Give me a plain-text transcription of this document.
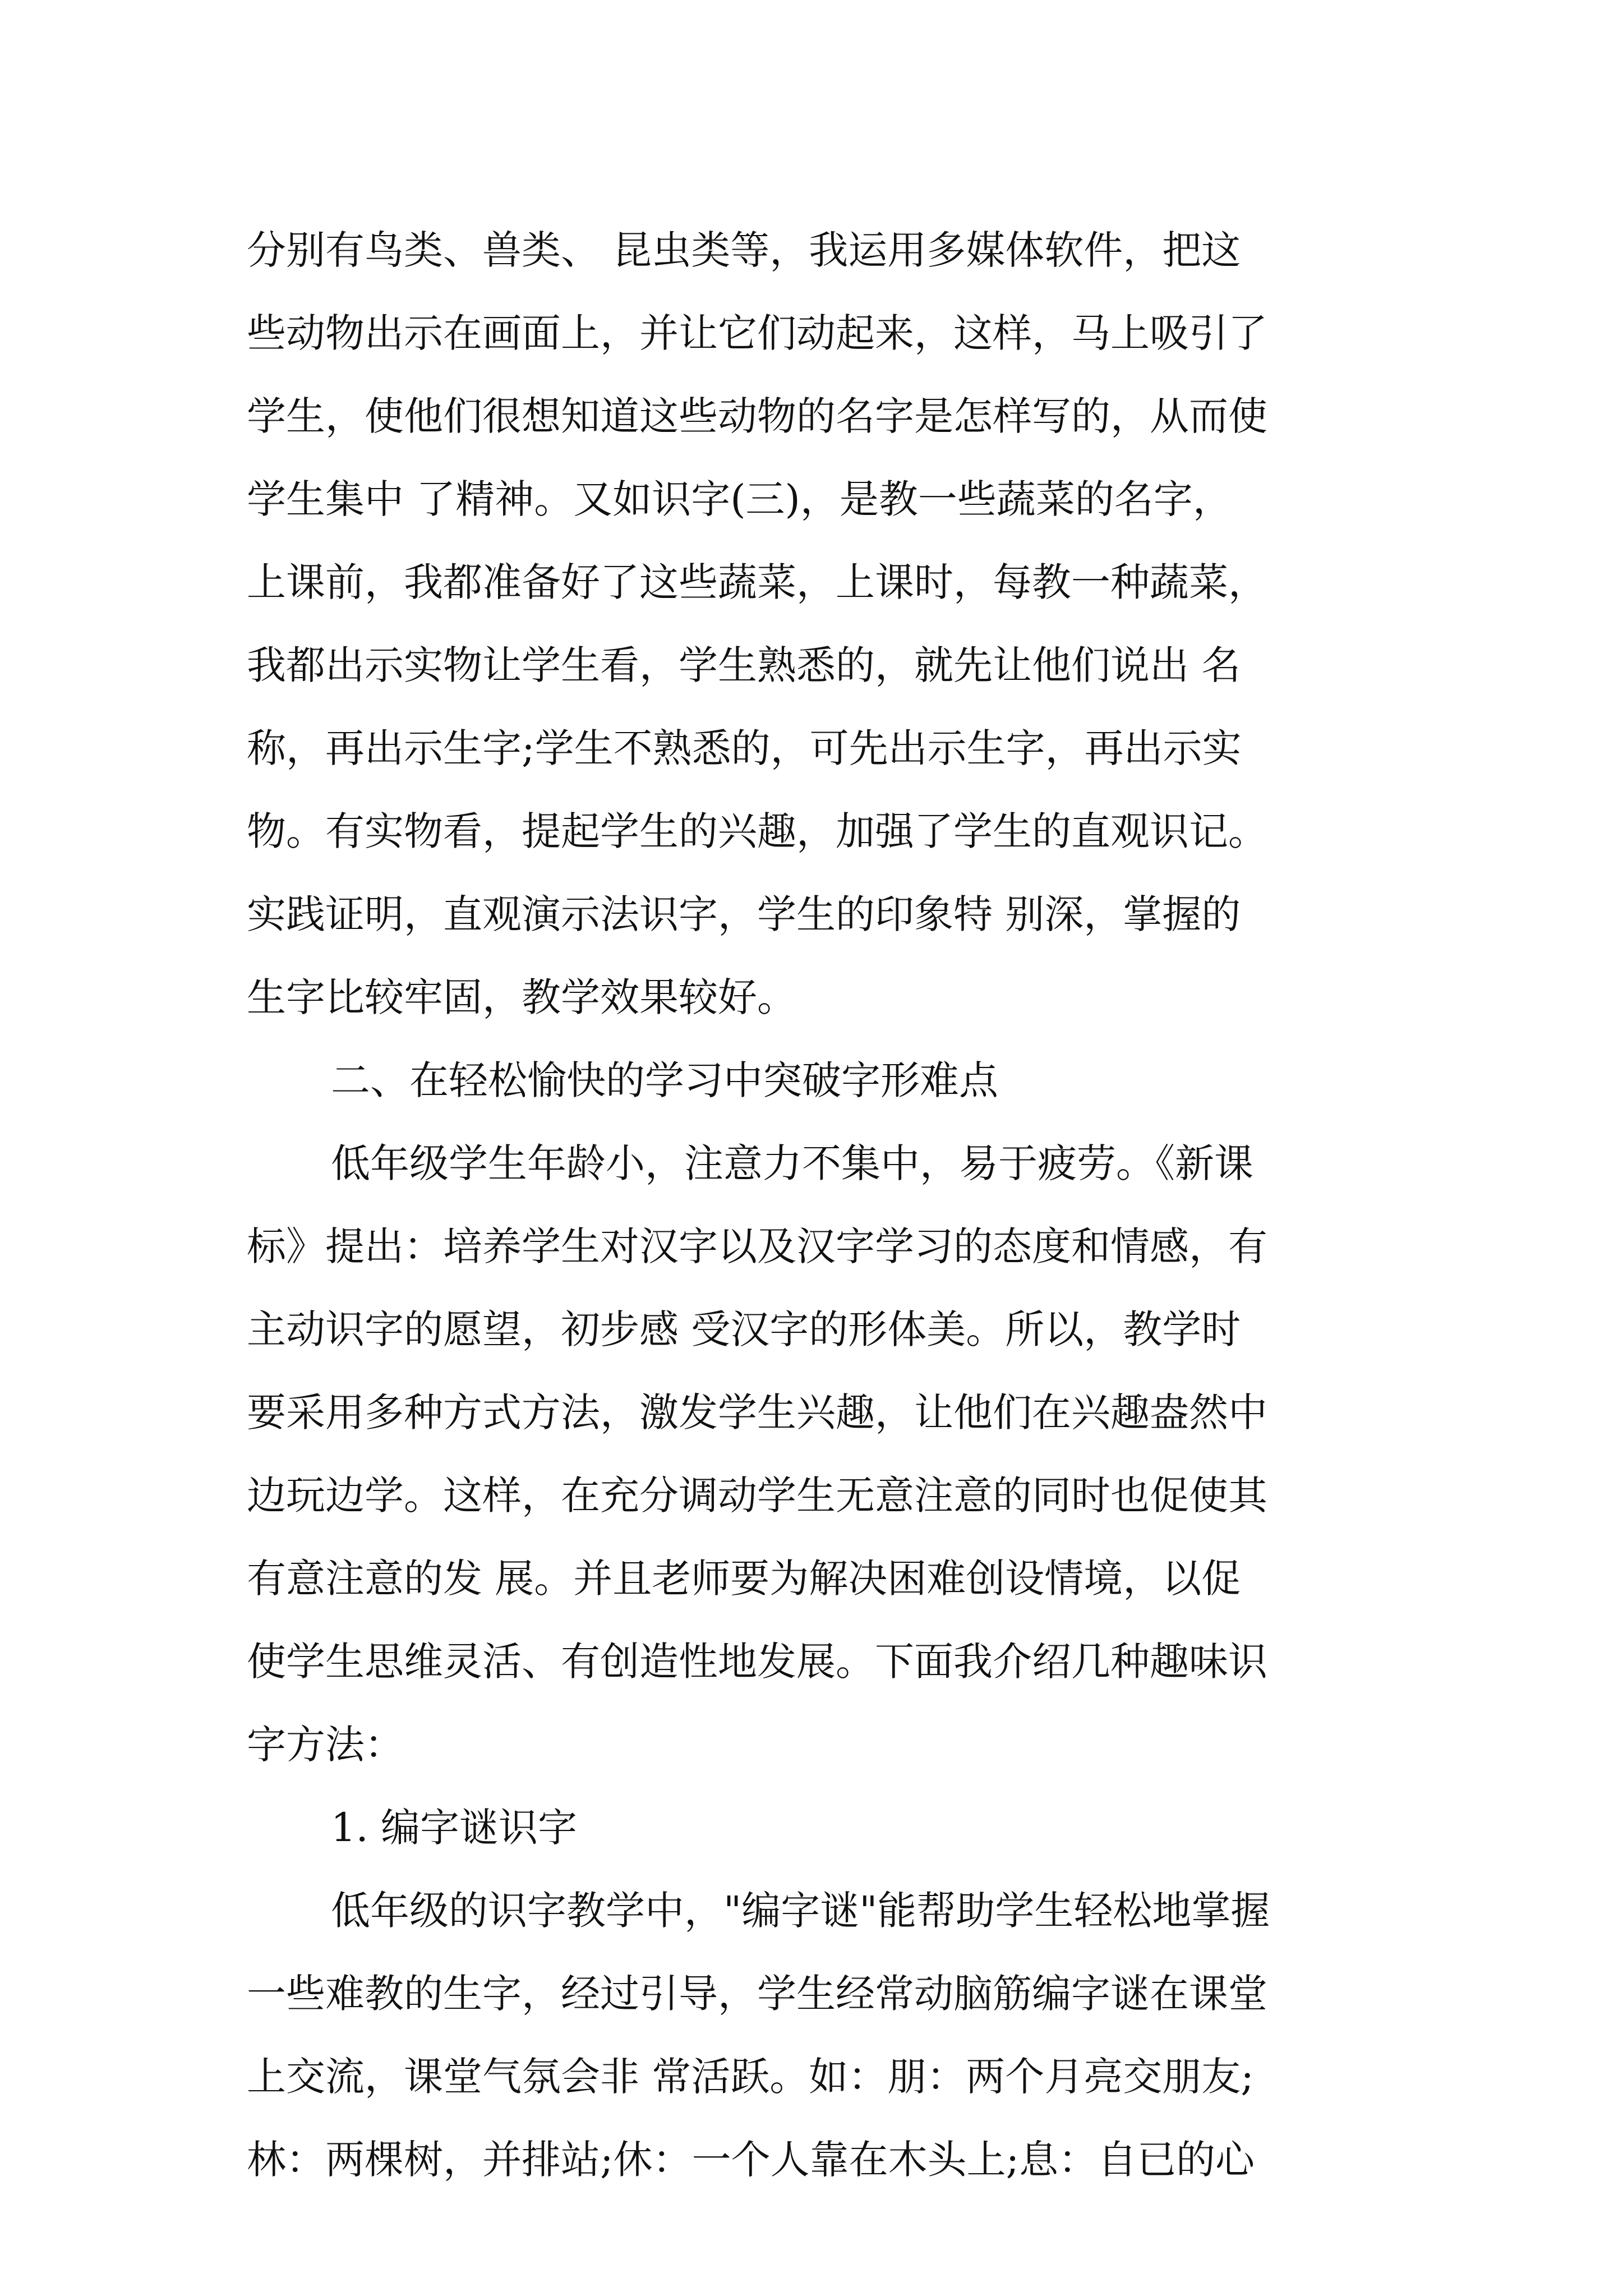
分别有鸟类、兽类、 昆虫类等，我运用多媒体软件，把这
些动物出示在画面上，并让它们动起来，这样，马上吸引了
学生，使他们很想知道这些动物的名字是怎样写的，从而使
学生集中 了精神。又如识字(三)，是教一些蔬菜的名字，
上课前，我都准备好了这些蔬菜，上课时，每教一种蔬菜，
我都出示实物让学生看，学生熟悉的，就先让他们说出 名
称，再出示生字;学生不熟悉的，可先出示生字，再出示实
物。有实物看，提起学生的兴趣，加强了学生的直观识记。
实践证明，直观演示法识字，学生的印象特 别深，掌握的
生字比较牢固，教学效果较好。
二、在轻松愉快的学习中突破字形难点
低年级学生年龄小，注意力不集中，易于疲劳。《新课
标》提出：培养学生对汉字以及汉字学习的态度和情感，有
主动识字的愿望，初步感 受汉字的形体美。所以，教学时
要采用多种方式方法，激发学生兴趣，让他们在兴趣盎然中
边玩边学。这样，在充分调动学生无意注意的同时也促使其
有意注意的发 展。并且老师要为解决困难创设情境，以促
使学生思维灵活、有创造性地发展。下面我介绍几种趣味识
字方法：
1. 编字谜识字
低年级的识字教学中，"编字谜"能帮助学生轻松地掌握
一些难教的生字，经过引导，学生经常动脑筋编字谜在课堂
上交流，课堂气氛会非 常活跃。如：朋：两个月亮交朋友;
林：两棵树，并排站;休：一个人靠在木头上;息：自已的心
